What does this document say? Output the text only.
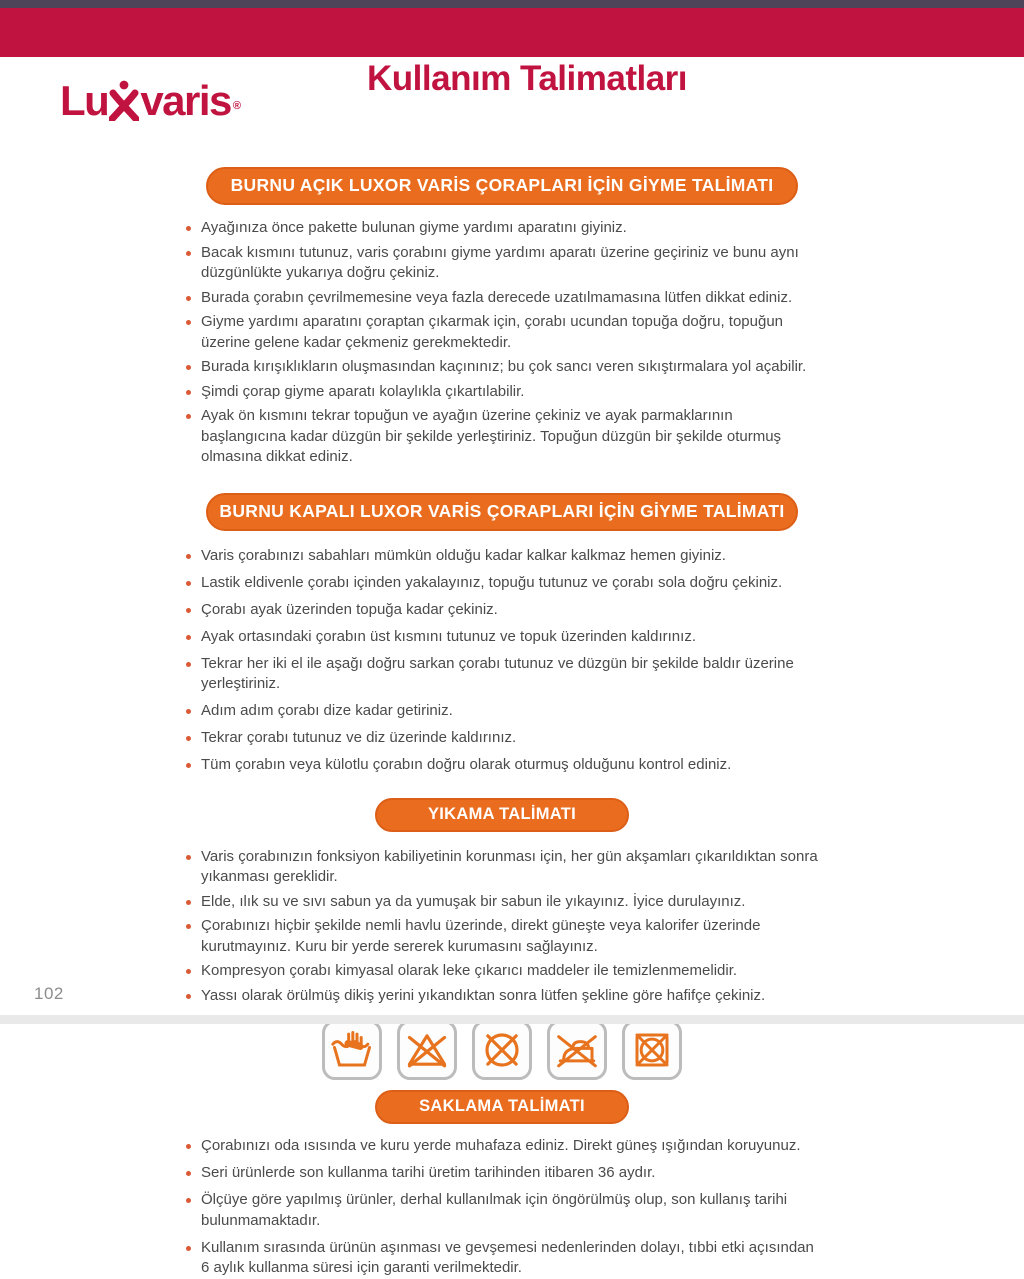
Lu varis ®
Kullanım Talimatları
BURNU AÇIK LUXOR VARİS ÇORAPLARI İÇİN GİYME TALİMATI
Ayağınıza önce pakette bulunan giyme yardımı aparatını giyiniz.
Bacak kısmını tutunuz, varis çorabını giyme yardımı aparatı üzerine geçiriniz ve bunu aynı düzgünlükte yukarıya doğru çekiniz.
Burada çorabın çevrilmemesine veya fazla derecede uzatılmamasına lütfen dikkat ediniz.
Giyme yardımı aparatını çoraptan çıkarmak için, çorabı ucundan topuğa doğru, topuğun üzerine gelene kadar çekmeniz gerekmektedir.
Burada kırışıklıkların oluşmasından kaçınınız; bu çok sancı veren sıkıştırmalara yol açabilir.
Şimdi çorap giyme aparatı kolaylıkla çıkartılabilir.
Ayak ön kısmını tekrar topuğun ve ayağın üzerine çekiniz ve ayak parmaklarının başlangıcına kadar düzgün bir şekilde yerleştiriniz. Topuğun düzgün bir şekilde oturmuş olmasına dikkat ediniz.
BURNU KAPALI LUXOR VARİS ÇORAPLARI İÇİN GİYME TALİMATI
Varis çorabınızı sabahları mümkün olduğu kadar kalkar kalkmaz hemen giyiniz.
Lastik eldivenle çorabı içinden yakalayınız, topuğu tutunuz ve çorabı sola doğru çekiniz.
Çorabı ayak üzerinden topuğa kadar çekiniz.
Ayak ortasındaki çorabın üst kısmını tutunuz ve topuk üzerinden kaldırınız.
Tekrar her iki el ile aşağı doğru sarkan çorabı tutunuz ve düzgün bir şekilde baldır üzerine yerleştiriniz.
Adım adım çorabı dize kadar getiriniz.
Tekrar çorabı tutunuz ve diz üzerinde kaldırınız.
Tüm çorabın veya külotlu çorabın doğru olarak oturmuş olduğunu kontrol ediniz.
YIKAMA TALİMATI
Varis çorabınızın fonksiyon kabiliyetinin korunması için, her gün akşamları çıkarıldıktan sonra yıkanması gereklidir.
Elde, ılık su ve sıvı sabun ya da yumuşak bir sabun ile yıkayınız. İyice durulayınız.
Çorabınızı hiçbir şekilde nemli havlu üzerinde, direkt güneşte veya kalorifer üzerinde kurutmayınız. Kuru bir yerde sererek kurumasını sağlayınız.
Kompresyon çorabı kimyasal olarak leke çıkarıcı maddeler ile temizlenmemelidir.
Yassı olarak örülmüş dikiş yerini yıkandıktan sonra lütfen şekline göre hafifçe çekiniz.
SAKLAMA TALİMATI
Çorabınızı oda ısısında ve kuru yerde muhafaza ediniz. Direkt güneş ışığından koruyunuz.
Seri ürünlerde son kullanma tarihi üretim tarihinden itibaren 36 aydır.
Ölçüye göre yapılmış ürünler, derhal kullanılmak için öngörülmüş olup, son kullanış tarihi bulunmamaktadır.
Kullanım sırasında ürünün aşınması ve gevşemesi nedenlerinden dolayı, tıbbi etki açısından 6 aylık kullanma süresi için garanti verilmektedir.
102
